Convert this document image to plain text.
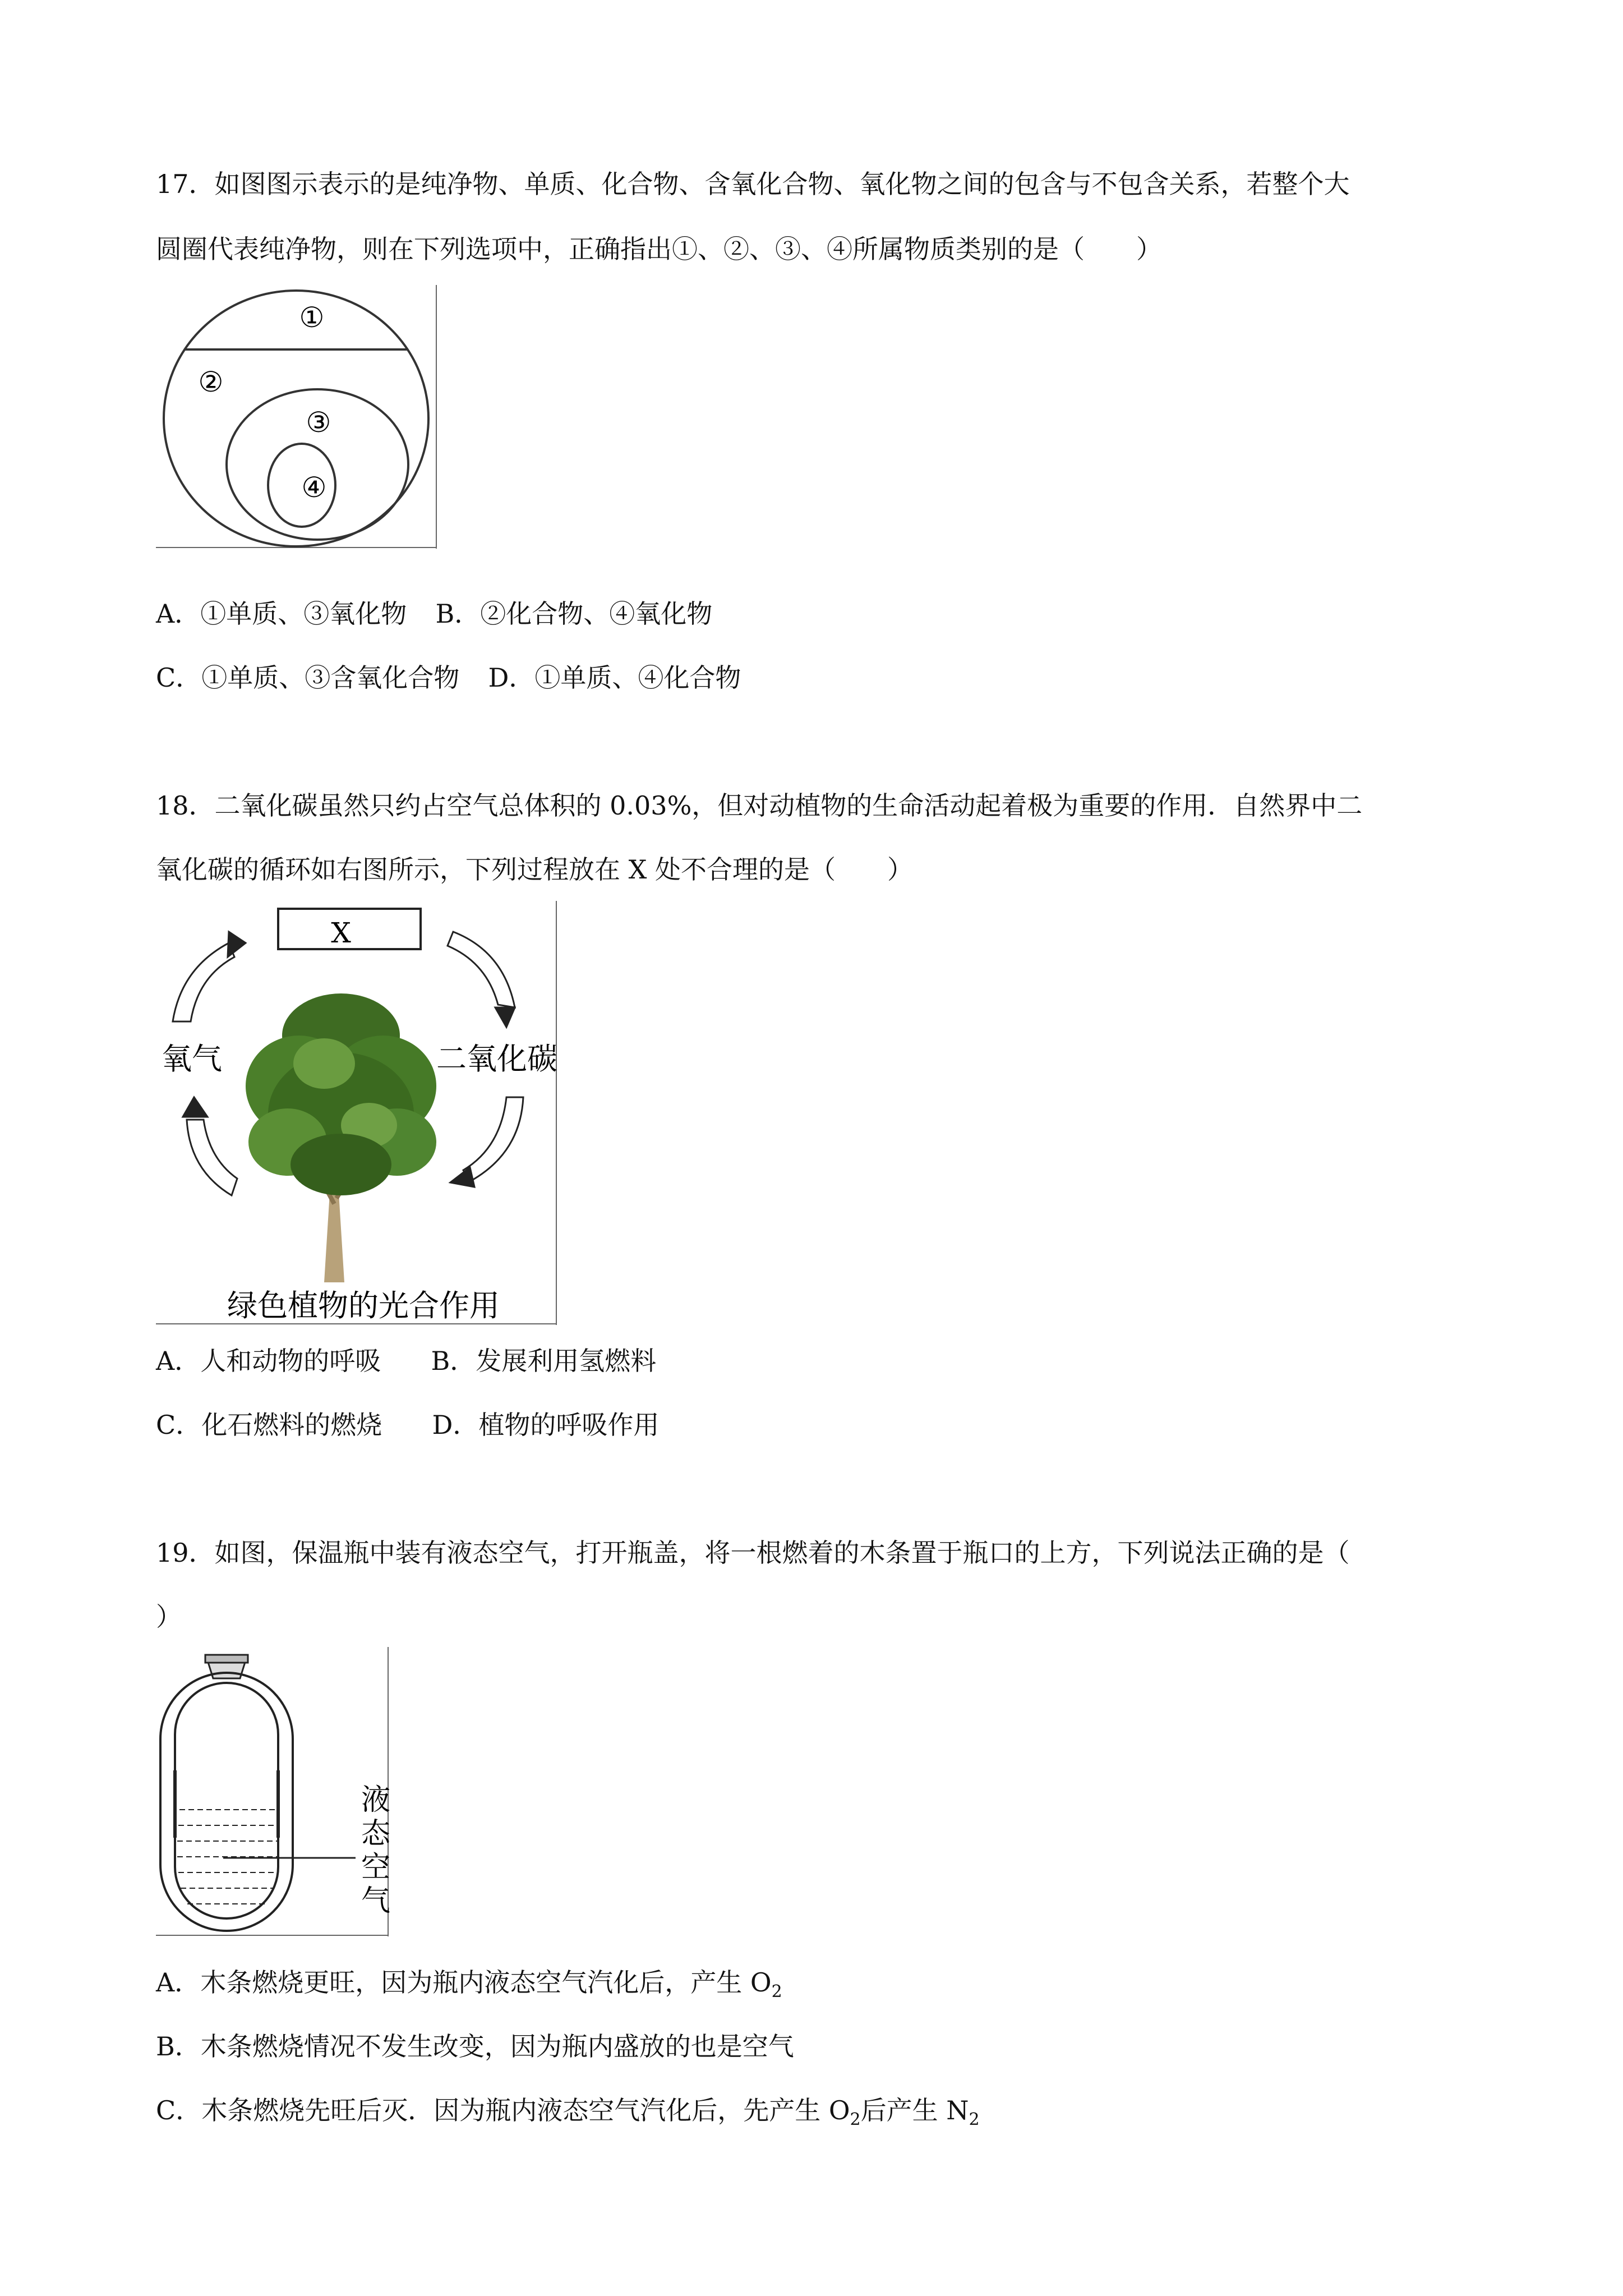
17．如图图示表示的是纯净物、单质、化合物、含氧化合物、氧化物之间的包含与不包含关系，若整个大
圆圈代表纯净物，则在下列选项中，正确指出①、②、③、④所属物质类别的是（　　）
①
②
③
④
A．①单质、③氧化物 B．②化合物、④氧化物
C．①单质、③含氧化合物 D．①单质、④化合物
18．二氧化碳虽然只约占空气总体积的 0.03%，但对动植物的生命活动起着极为重要的作用．自然界中二
氧化碳的循环如右图所示，下列过程放在 X 处不合理的是（　　）
X
氧气	二氧化碳
绿色植物的光合作用
A．人和动物的呼吸 B．发展利用氢燃料
C．化石燃料的燃烧 D．植物的呼吸作用
19．如图，保温瓶中装有液态空气，打开瓶盖，将一根燃着的木条置于瓶口的上方，下列说法正确的是（
）
液
态
空
气
A．木条燃烧更旺，因为瓶内液态空气汽化后，产生 $O_2$
B．木条燃烧情况不发生改变，因为瓶内盛放的也是空气
C．木条燃烧先旺后灭．因为瓶内液态空气汽化后，先产生 $O_2$后产生 $N_2$
